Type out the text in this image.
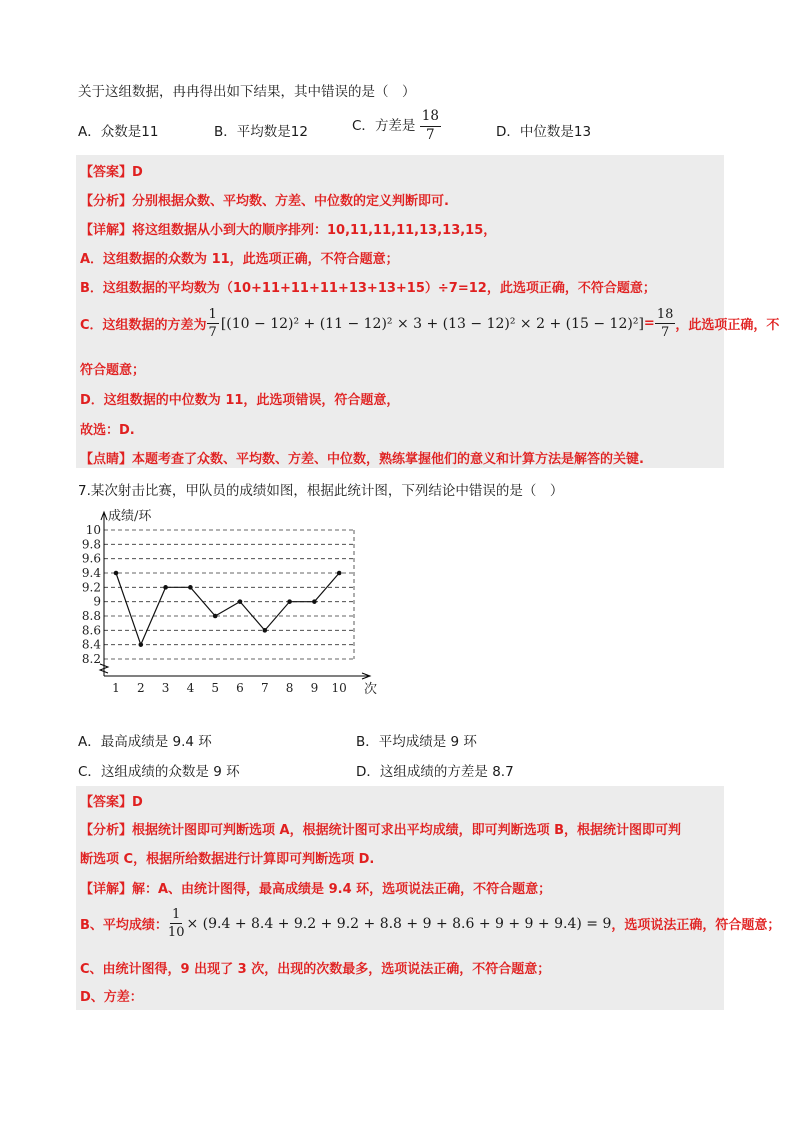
关于这组数据，冉冉得出如下结果，其中错误的是（　）
A．众数是11	B．平均数是12	C．方差是 $\frac{18}{7}$	D．中位数是13
【答案】D
【分析】分别根据众数、平均数、方差、中位数的定义判断即可.
【详解】将这组数据从小到大的顺序排列：10,11,11,11,13,13,15，
A．这组数据的众数为 11，此选项正确，不符合题意；
B．这组数据的平均数为（10+11+11+11+13+13+15）÷7=12，此选项正确，不符合题意；
C．这组数据的方差为 $\frac{1}{7} [(10 - 12)^2 + (11 - 12)^2 \times 3 + (13 - 12)^2 \times 2 + (15 - 12)^2] = \frac{18}{7}$ ，此选项正确，不
符合题意；
D．这组数据的中位数为 11，此选项错误，符合题意，
故选：D.
【点睛】本题考查了众数、平均数、方差、中位数，熟练掌握他们的意义和计算方法是解答的关键.
7.某次射击比赛，甲队员的成绩如图，根据此统计图，下列结论中错误的是（　）
10
9.8
9.6
9.4
9.2
9
8.8
8.6
8.4
8.2
成绩/环
次
1 2 3 4 5 6 7 8 9 10
A．最高成绩是 9.4 环	B．平均成绩是 9 环
C．这组成绩的众数是 9 环	D．这组成绩的方差是 8.7
【答案】D
【分析】根据统计图即可判断选项 A，根据统计图可求出平均成绩，即可判断选项 B，根据统计图即可判
断选项 C，根据所给数据进行计算即可判断选项 D.
【详解】解：A、由统计图得，最高成绩是 9.4 环，选项说法正确，不符合题意；
B、平均成绩： $\frac{1}{10} \times (9.4 + 8.4 + 9.2 + 9.2 + 8.8 + 9 + 8.6 + 9 + 9 + 9.4) = 9$ ，选项说法正确，符合题意；
C、由统计图得，9 出现了 3 次，出现的次数最多，选项说法正确，不符合题意；
D、方差：
